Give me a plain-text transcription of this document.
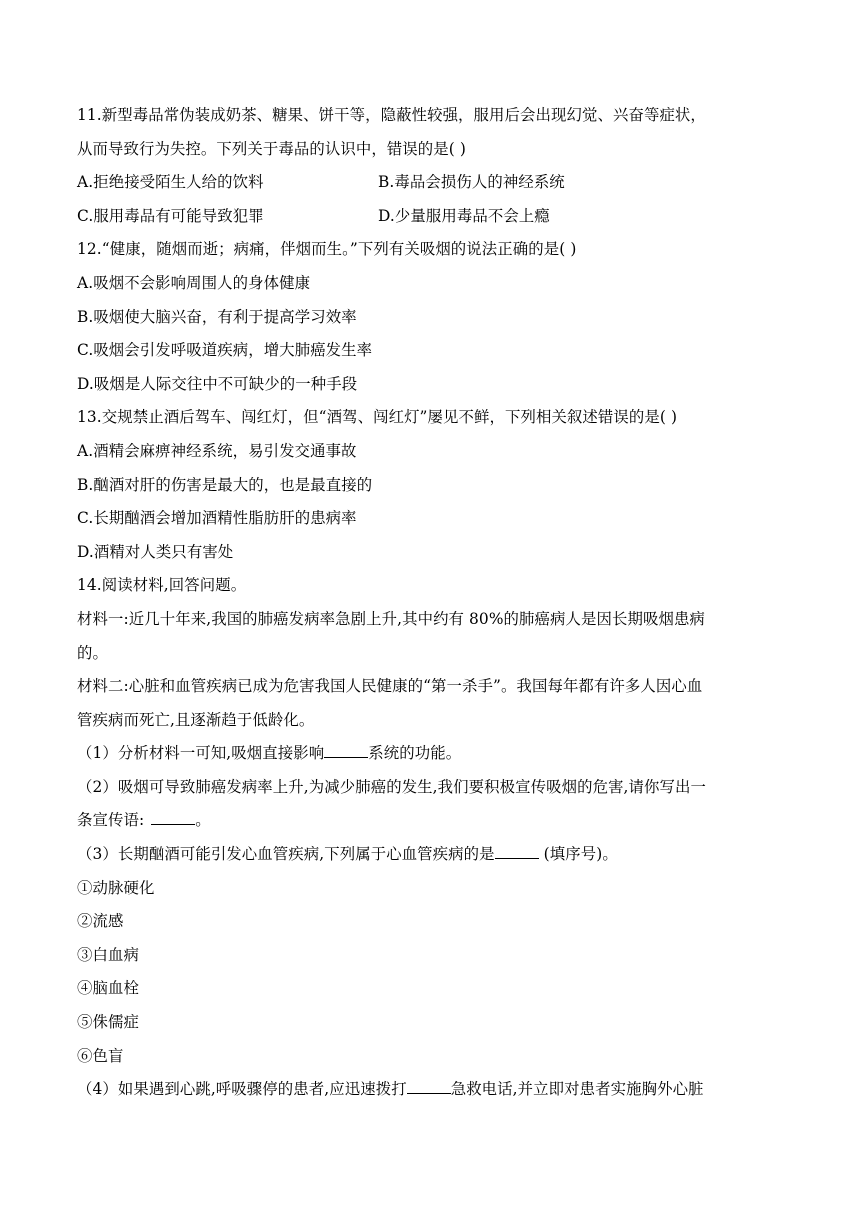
11.新型毒品常伪装成奶茶、糖果、饼干等，隐蔽性较强，服用后会出现幻觉、兴奋等症状，
从而导致行为失控。下列关于毒品的认识中，错误的是( )
A.拒绝接受陌生人给的饮料	B.毒品会损伤人的神经系统
C.服用毒品有可能导致犯罪	D.少量服用毒品不会上瘾
12.“健康，随烟而逝；病痛，伴烟而生。”下列有关吸烟的说法正确的是( )
A.吸烟不会影响周围人的身体健康
B.吸烟使大脑兴奋，有利于提高学习效率
C.吸烟会引发呼吸道疾病，增大肺癌发生率
D.吸烟是人际交往中不可缺少的一种手段
13.交规禁止酒后驾车、闯红灯，但“酒驾、闯红灯”屡见不鲜，下列相关叙述错误的是( )
A.酒精会麻痹神经系统，易引发交通事故
B.酗酒对肝的伤害是最大的，也是最直接的
C.长期酗酒会增加酒精性脂肪肝的患病率
D.酒精对人类只有害处
14.阅读材料,回答问题。
材料一:近几十年来,我国的肺癌发病率急剧上升,其中约有 80%的肺癌病人是因长期吸烟患病
的。
材料二:心脏和血管疾病已成为危害我国人民健康的“第一杀手”。我国每年都有许多人因心血
管疾病而死亡,且逐渐趋于低龄化。
（1）分析材料一可知,吸烟直接影响	系统的功能。
（2）吸烟可导致肺癌发病率上升,为减少肺癌的发生,我们要积极宣传吸烟的危害,请你写出一
条宣传语:	。
（3）长期酗酒可能引发心血管疾病,下列属于心血管疾病的是	(填序号)。
①动脉硬化
②流感
③白血病
④脑血栓
⑤侏儒症
⑥色盲
（4）如果遇到心跳,呼吸骤停的患者,应迅速拨打	急救电话,并立即对患者实施胸外心脏
